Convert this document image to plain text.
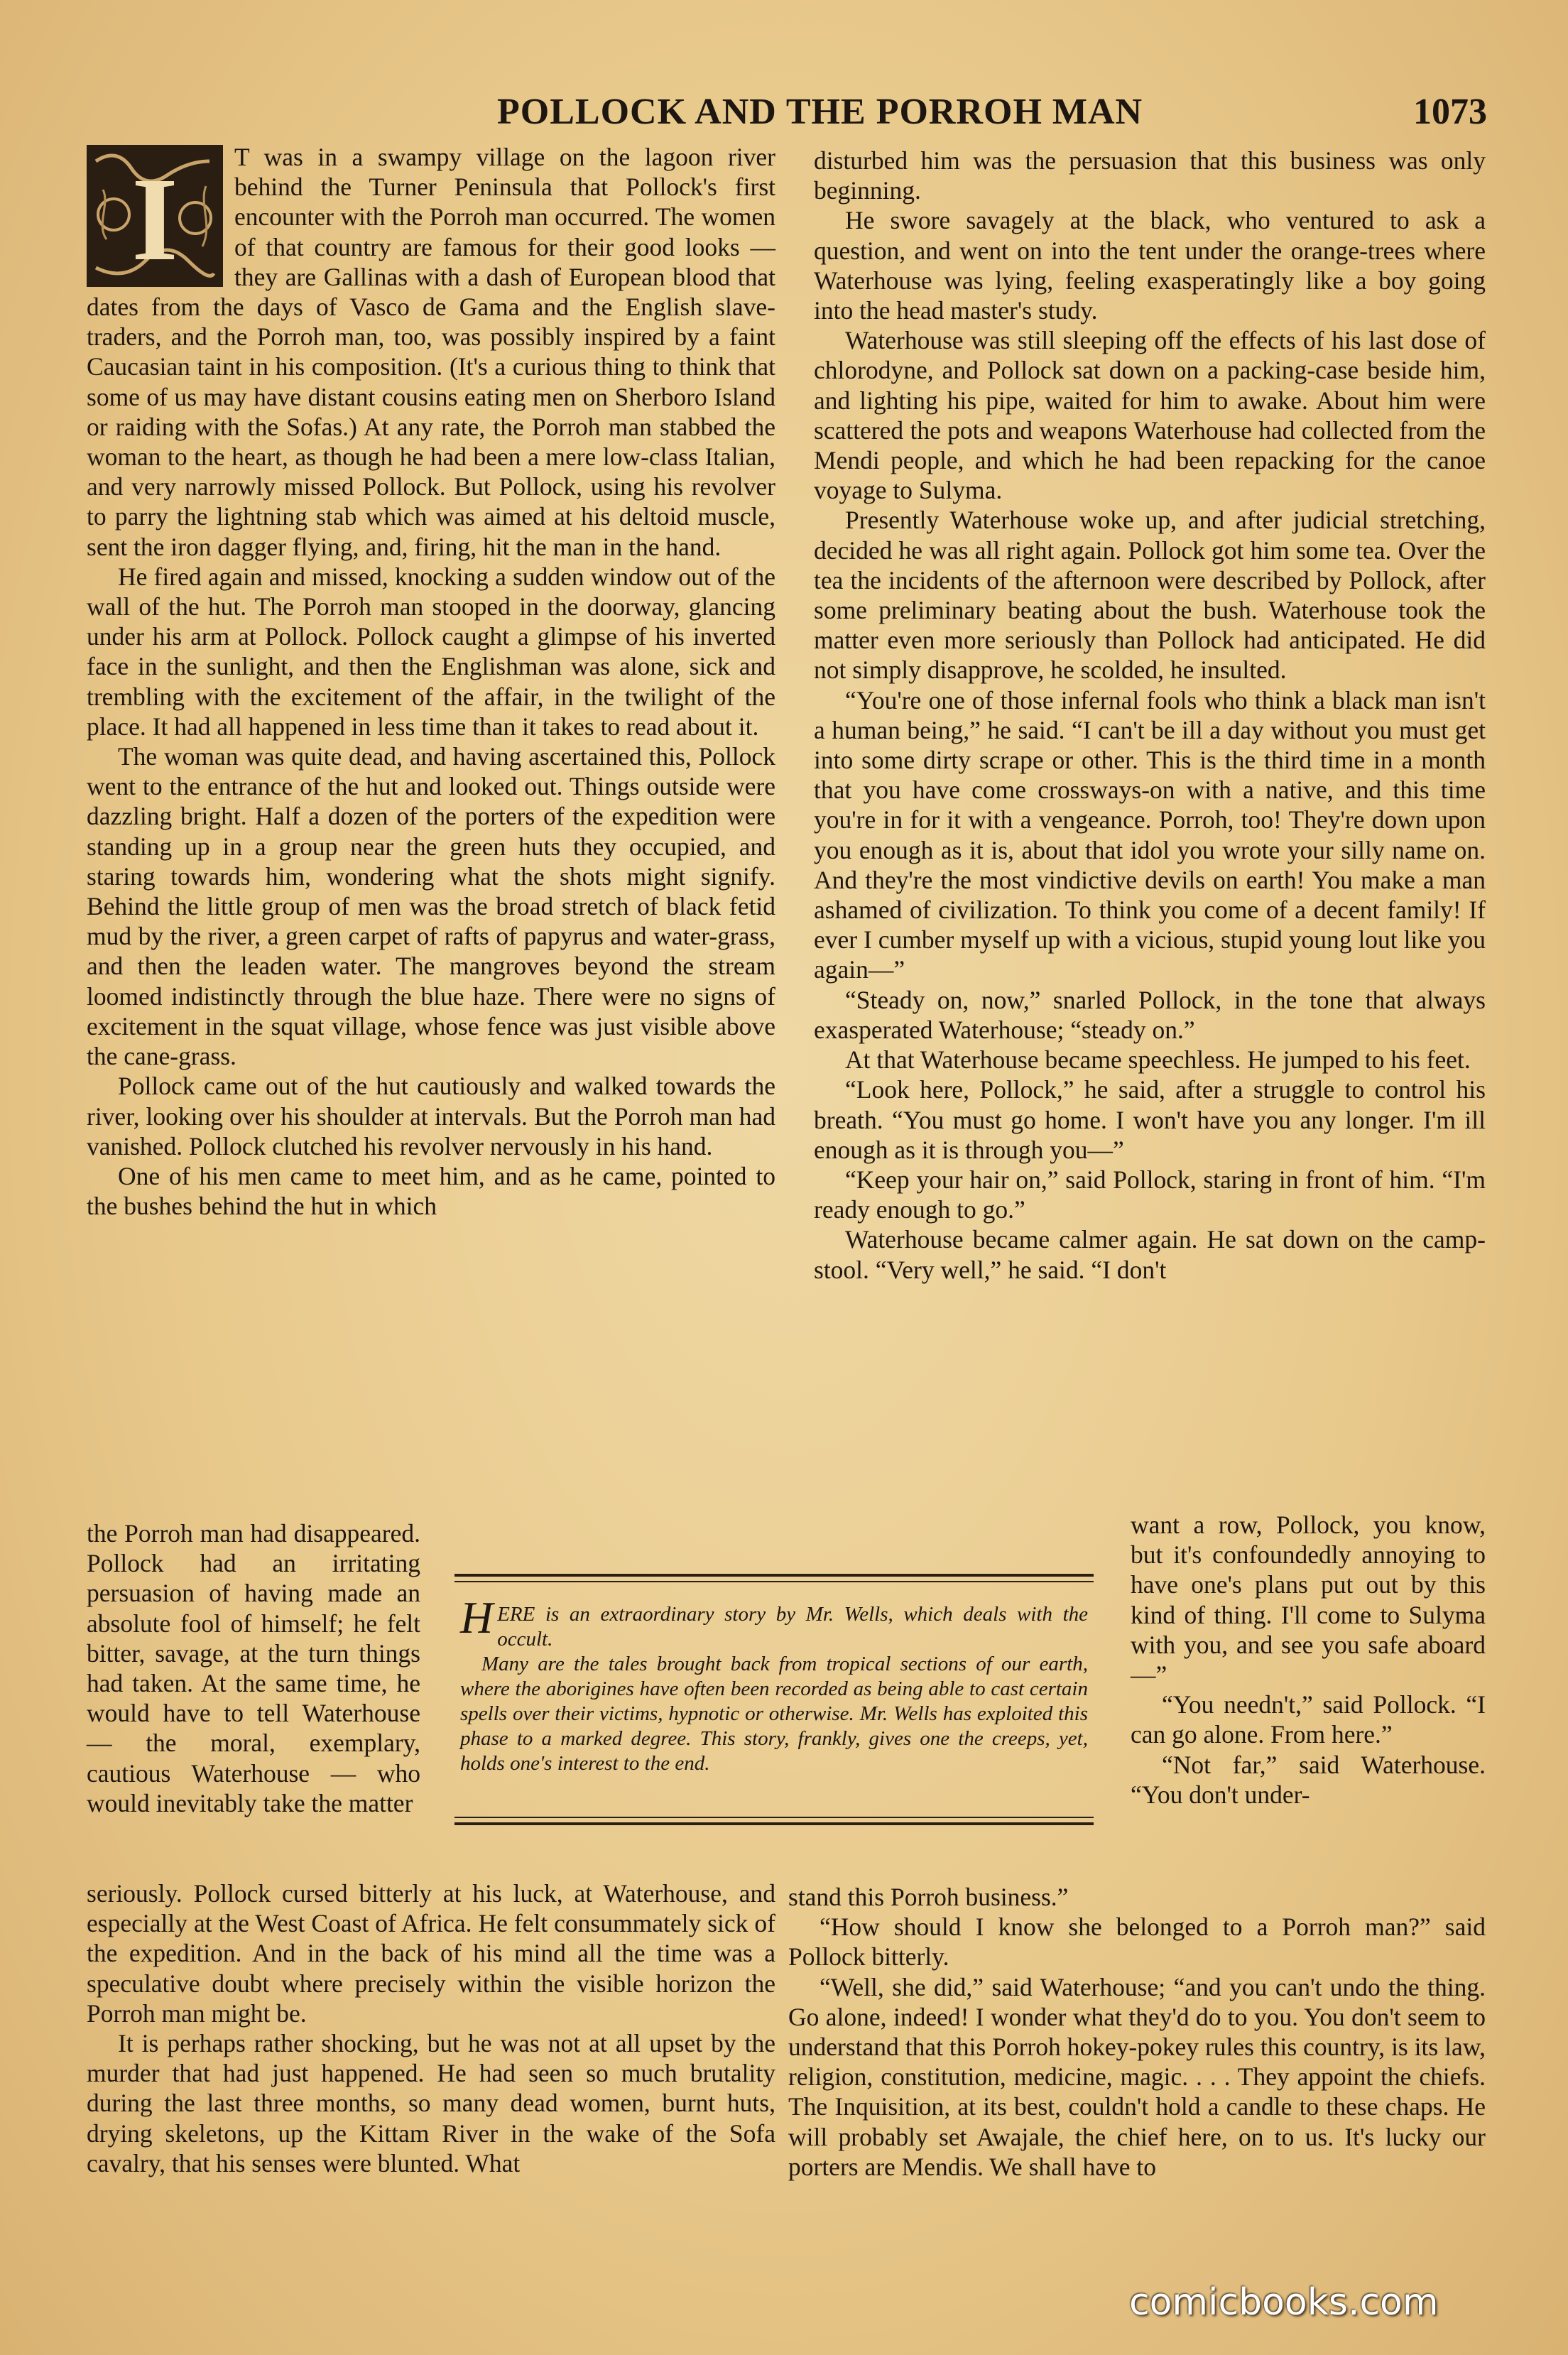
POLLOCK AND THE PORROH MAN	1073

I T was in a swampy village on the lagoon river behind the Turner Peninsula that Pollock's first encounter with the Porroh man occurred. The women of that country are famous for their good looks —they are Gallinas with a dash of European blood that dates from the days of Vasco de Gama and the English slave-traders, and the Porroh man, too, was possibly inspired by a faint Caucasian taint in his composition. (It's a curious thing to think that some of us may have distant cousins eating men on Sherboro Island or raiding with the Sofas.) At any rate, the Porroh man stabbed the woman to the heart, as though he had been a mere low-class Italian, and very narrowly missed Pollock. But Pollock, using his revolver to parry the lightning stab which was aimed at his deltoid muscle, sent the iron dagger flying, and, firing, hit the man in the hand.

He fired again and missed, knocking a sudden window out of the wall of the hut. The Porroh man stooped in the doorway, glancing under his arm at Pollock. Pollock caught a glimpse of his inverted face in the sunlight, and then the Englishman was alone, sick and trembling with the excitement of the affair, in the twilight of the place. It had all happened in less time than it takes to read about it.

The woman was quite dead, and having ascertained this, Pollock went to the entrance of the hut and looked out. Things outside were dazzling bright. Half a dozen of the porters of the expedition were standing up in a group near the green huts they occupied, and staring towards him, wondering what the shots might signify. Behind the little group of men was the broad stretch of black fetid mud by the river, a green carpet of rafts of papyrus and water-grass, and then the leaden water. The mangroves beyond the stream loomed indistinctly through the blue haze. There were no signs of excitement in the squat village, whose fence was just visible above the cane-grass.

Pollock came out of the hut cautiously and walked towards the river, looking over his shoulder at intervals. But the Porroh man had vanished. Pollock clutched his revolver nervously in his hand.

One of his men came to meet him, and as he came, pointed to the bushes behind the hut in which

the Porroh man had disappeared. Pollock had an irritating persuasion of having made an absolute fool of himself; he felt bitter, savage, at the turn things had taken. At the same time, he would have to tell Waterhouse — the moral, exemplary, cautious Waterhouse — who would inevitably take the matter

seriously. Pollock cursed bitterly at his luck, at Waterhouse, and especially at the West Coast of Africa. He felt consummately sick of the expedition. And in the back of his mind all the time was a speculative doubt where precisely within the visible horizon the Porroh man might be.

It is perhaps rather shocking, but he was not at all upset by the murder that had just happened. He had seen so much brutality during the last three months, so many dead women, burnt huts, drying skeletons, up the Kittam River in the wake of the Sofa cavalry, that his senses were blunted. What

disturbed him was the persuasion that this business was only beginning.

He swore savagely at the black, who ventured to ask a question, and went on into the tent under the orange-trees where Waterhouse was lying, feeling exasperatingly like a boy going into the head master's study.

Waterhouse was still sleeping off the effects of his last dose of chlorodyne, and Pollock sat down on a packing-case beside him, and lighting his pipe, waited for him to awake. About him were scattered the pots and weapons Waterhouse had collected from the Mendi people, and which he had been repacking for the canoe voyage to Sulyma.

Presently Waterhouse woke up, and after judicial stretching, decided he was all right again. Pollock got him some tea. Over the tea the incidents of the afternoon were described by Pollock, after some preliminary beating about the bush. Waterhouse took the matter even more seriously than Pollock had anticipated. He did not simply disapprove, he scolded, he insulted.

“You're one of those infernal fools who think a black man isn't a human being,” he said. “I can't be ill a day without you must get into some dirty scrape or other. This is the third time in a month that you have come crossways-on with a native, and this time you're in for it with a vengeance. Porroh, too! They're down upon you enough as it is, about that idol you wrote your silly name on. And they're the most vindictive devils on earth! You make a man ashamed of civilization. To think you come of a decent family! If ever I cumber myself up with a vicious, stupid young lout like you again—”

“Steady on, now,” snarled Pollock, in the tone that always exasperated Waterhouse; “steady on.”

At that Waterhouse became speechless. He jumped to his feet.

“Look here, Pollock,” he said, after a struggle to control his breath. “You must go home. I won't have you any longer. I'm ill enough as it is through you—”

“Keep your hair on,” said Pollock, staring in front of him. “I'm ready enough to go.”

Waterhouse became calmer again. He sat down on the camp-stool. “Very well,” he said. “I don't

want a row, Pollock, you know, but it's confoundedly annoying to have one's plans put out by this kind of thing. I'll come to Sulyma with you, and see you safe aboard—”

“You needn't,” said Pollock. “I can go alone. From here.”

“Not far,” said Waterhouse. “You don't under-

stand this Porroh business.”

“How should I know she belonged to a Porroh man?” said Pollock bitterly.

“Well, she did,” said Waterhouse; “and you can't undo the thing. Go alone, indeed! I wonder what they'd do to you. You don't seem to understand that this Porroh hokey-pokey rules this country, is its law, religion, constitution, medicine, magic. . . . They appoint the chiefs. The Inquisition, at its best, couldn't hold a candle to these chaps. He will probably set Awajale, the chief here, on to us. It's lucky our porters are Mendis. We shall have to

HERE is an extraordinary story by Mr. Wells, which deals with the occult.

Many are the tales brought back from tropical sections of our earth, where the aborigines have often been recorded as being able to cast certain spells over their victims, hypnotic or otherwise. Mr. Wells has exploited this phase to a marked degree. This story, frankly, gives one the creeps, yet, holds one's interest to the end.

comicbooks.com
